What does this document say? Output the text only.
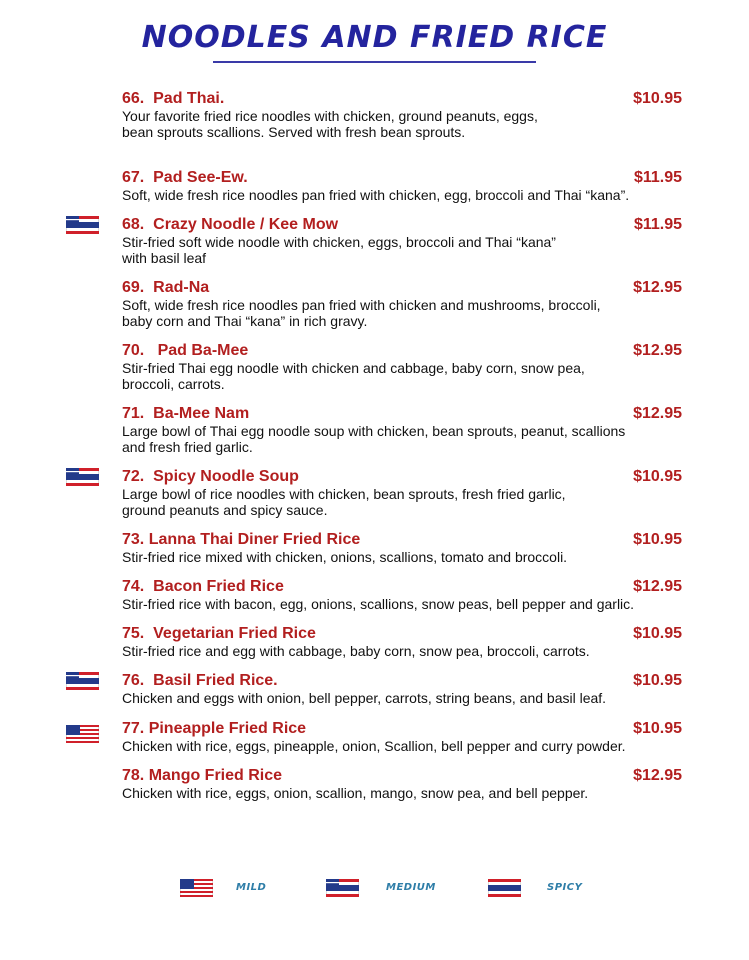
NOODLES AND FRIED RICE
66.  Pad Thai.	$10.95
Your favorite fried rice noodles with chicken, ground peanuts, eggs,
bean sprouts scallions. Served with fresh bean sprouts.
67.  Pad See-Ew.	$11.95
Soft, wide fresh rice noodles pan fried with chicken, egg, broccoli and Thai “kana”.
68.  Crazy Noodle / Kee Mow	$11.95
Stir-fried soft wide noodle with chicken, eggs, broccoli and Thai “kana”
with basil leaf
69.  Rad-Na	$12.95
Soft, wide fresh rice noodles pan fried with chicken and mushrooms, broccoli,
baby corn and Thai “kana” in rich gravy.
70.   Pad Ba-Mee	$12.95
Stir-fried Thai egg noodle with chicken and cabbage, baby corn, snow pea,
broccoli, carrots.
71.  Ba-Mee Nam	$12.95
Large bowl of Thai egg noodle soup with chicken, bean sprouts, peanut, scallions
and fresh fried garlic.
72.  Spicy Noodle Soup	$10.95
Large bowl of rice noodles with chicken, bean sprouts, fresh fried garlic,
ground peanuts and spicy sauce.
73. Lanna Thai Diner Fried Rice	$10.95
Stir-fried rice mixed with chicken, onions, scallions, tomato and broccoli.
74.  Bacon Fried Rice	$12.95
Stir-fried rice with bacon, egg, onions, scallions, snow peas, bell pepper and garlic.
75.  Vegetarian Fried Rice	$10.95
Stir-fried rice and egg with cabbage, baby corn, snow pea, broccoli, carrots.
76.  Basil Fried Rice.	$10.95
Chicken and eggs with onion, bell pepper, carrots, string beans, and basil leaf.
77. Pineapple Fried Rice	$10.95
Chicken with rice, eggs, pineapple, onion, Scallion, bell pepper and curry powder.
78. Mango Fried Rice	$12.95
Chicken with rice, eggs, onion, scallion, mango, snow pea, and bell pepper.
MILD	MEDIUM	SPICY
